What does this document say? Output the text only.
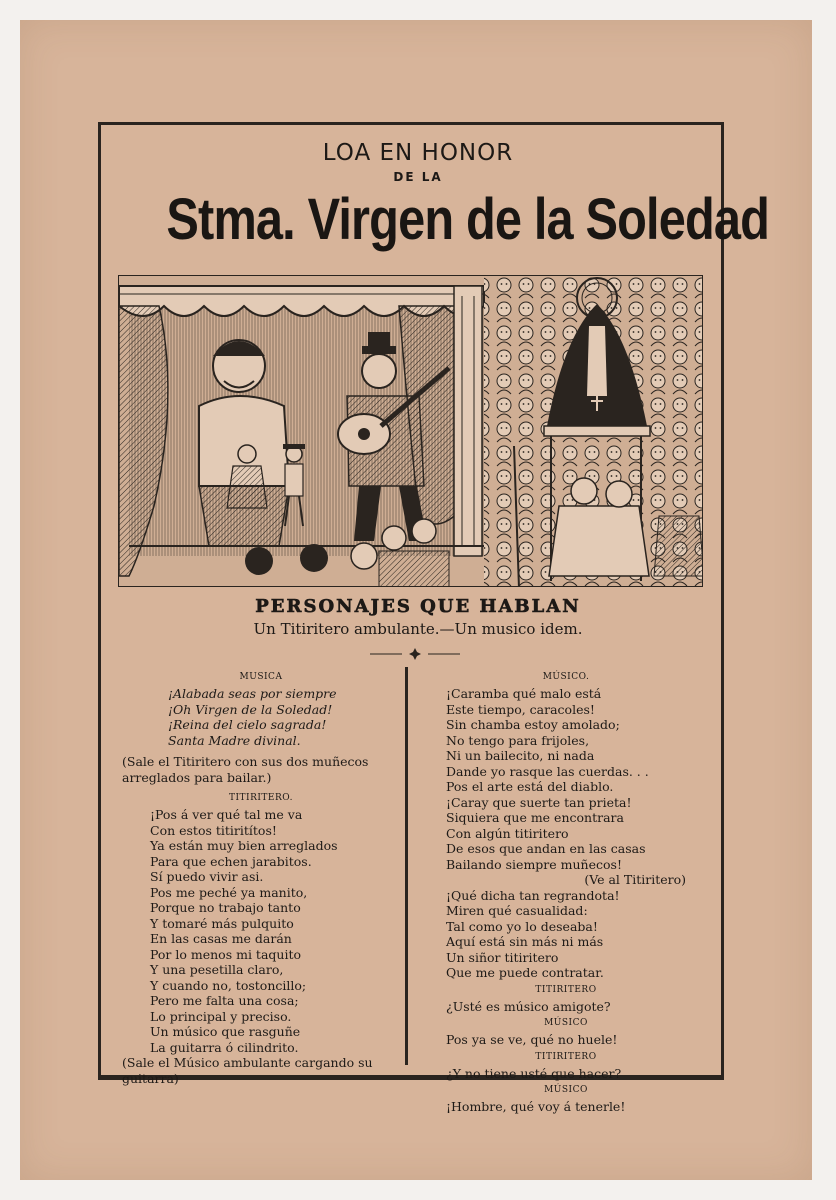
LOA EN HONOR
DE LA
Stma. Virgen de la Soledad
PERSONAJES QUE HABLAN
Un Titiritero ambulante.—Un musico idem.
MUSICA
¡Alabada seas por siempre
¡Oh Virgen de la Soledad!
¡Reina del cielo sagrada!
Santa Madre divinal.
(Sale el Titiritero con sus dos muñecos arreglados para bailar.)
TITIRITERO.
¡Pos á ver qué tal me va
Con estos titiritítos!
Ya están muy bien arreglados
Para que echen jarabitos.
Sí puedo vivir asi.
Pos me peché ya manito,
Porque no trabajo tanto
Y tomaré más pulquito
En las casas me darán
Por lo menos mi taquito
Y una pesetilla claro,
Y cuando no, tostoncillo;
Pero me falta una cosa;
Lo principal y preciso.
Un músico que rasguñe
La guitarra ó cilindrito.
(Sale el Músico ambulante cargando su guitarra)
MÚSICO.
¡Caramba qué malo está
Este tiempo, caracoles!
Sin chamba estoy amolado;
No tengo para frijoles,
Ni un bailecito, ni nada
Dande yo rasque las cuerdas. . .
Pos el arte está del diablo.
¡Caray que suerte tan prieta!
Siquiera que me encontrara
Con algún titiritero
De esos que andan en las casas
Bailando siempre muñecos!
(Ve al Titiritero)
¡Qué dicha tan regrandota!
Miren qué casualidad:
Tal como yo lo deseaba!
Aquí está sin más ni más
Un siñor titiritero
Que me puede contratar.
TITIRITERO
¿Usté es músico amigote?
MÚSICO
Pos ya se ve, qué no huele!
TITIRITERO
¿Y no tiene usté que hacer?
MÚSICO
¡Hombre, qué voy á tenerle!
